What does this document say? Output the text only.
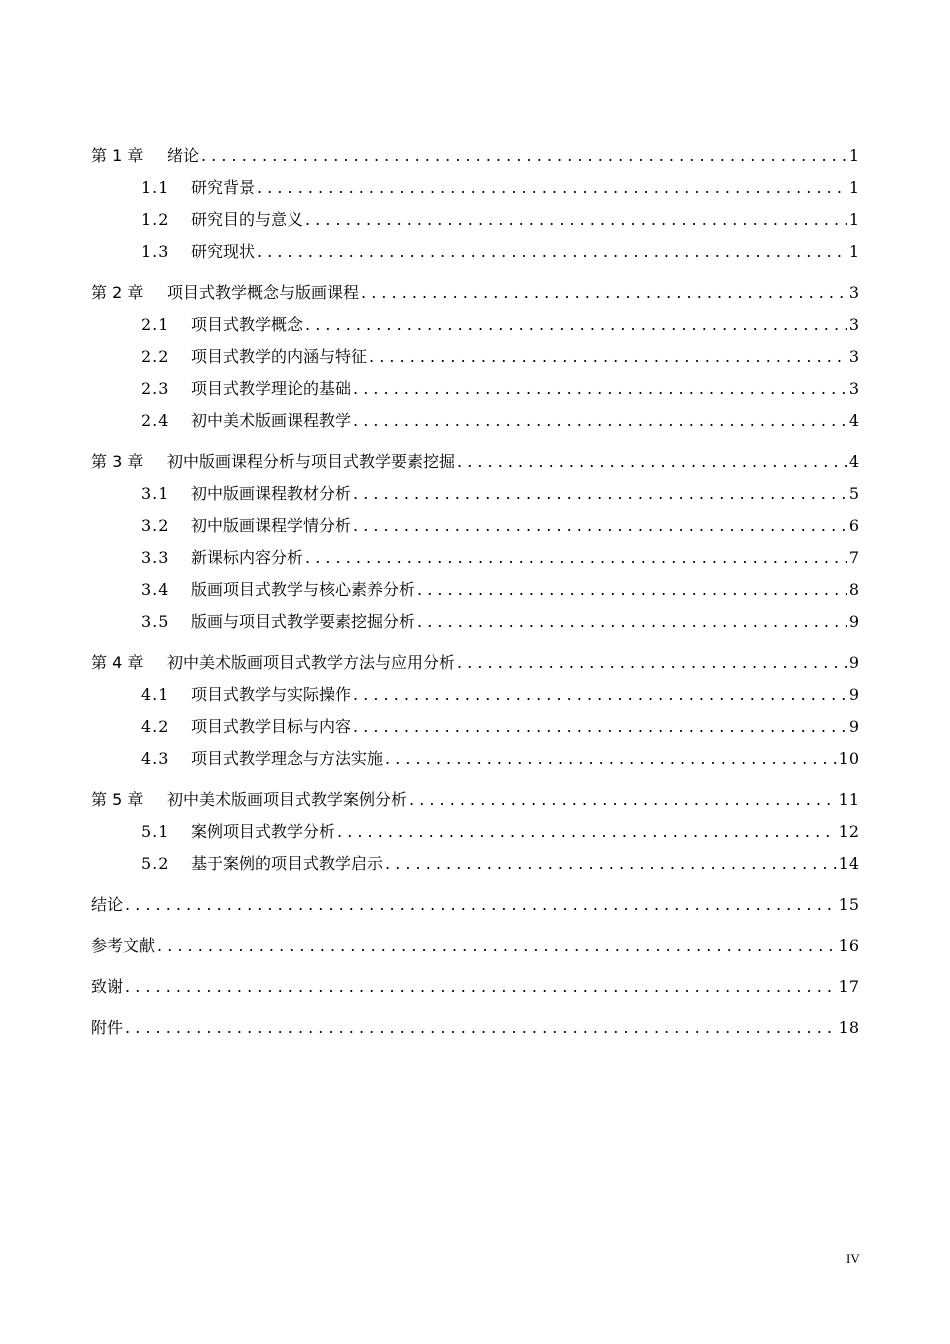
第 1 章	绪论 . . .	1
1.1	研究背景 . . .	1
1.2	研究目的与意义 . . .	1
1.3	研究现状 . . .	1
第 2 章	项目式教学概念与版画课程 . . .	3
2.1	项目式教学概念 . . .	3
2.2	项目式教学的内涵与特征 . . .	3
2.3	项目式教学理论的基础 . . .	3
2.4	初中美术版画课程教学 . . .	4
第 3 章	初中版画课程分析与项目式教学要素挖掘 . . .	4
3.1	初中版画课程教材分析 . . .	5
3.2	初中版画课程学情分析 . . .	6
3.3	新课标内容分析 . . .	7
3.4	版画项目式教学与核心素养分析 . . .	8
3.5	版画与项目式教学要素挖掘分析 . . .	9
第 4 章	初中美术版画项目式教学方法与应用分析 . . .	9
4.1	项目式教学与实际操作 . . .	9
4.2	项目式教学目标与内容 . . .	9
4.3	项目式教学理念与方法实施 . . .	10
第 5 章	初中美术版画项目式教学案例分析 . . .	11
5.1	案例项目式教学分析 . . .	12
5.2	基于案例的项目式教学启示 . . .	14
结论 . . .	15
参考文献 . . .	16
致谢 . . .	17
附件 . . .	18
IV
